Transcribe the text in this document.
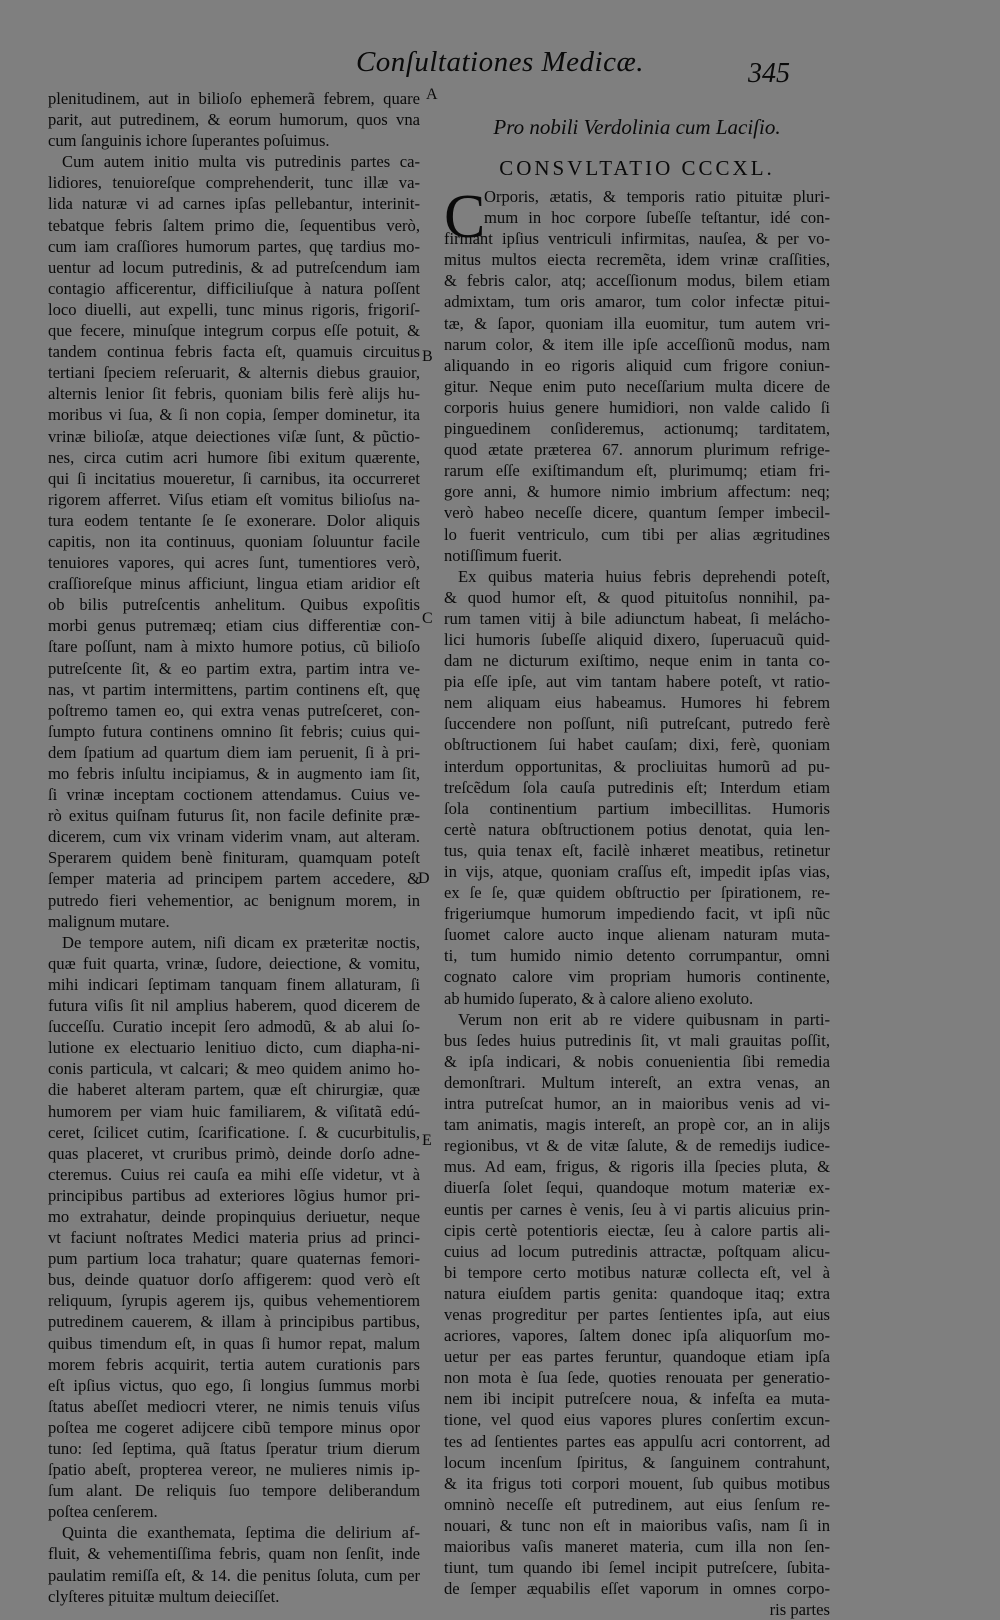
Conſultationes Medicæ.	345
A
B
C
D
E
plenitudinem, aut in bilioſo ephemerã febrem, quare
parit, aut putredinem, & eorum humorum, quos vna
cum ſanguinis ichore ſuperantes poſuimus.
Cum autem initio multa vis putredinis partes ca-
lidiores, tenuioreſque comprehenderit, tunc illæ va-
lida naturæ vi ad carnes ipſas pellebantur, interinit-
tebatque febris ſaltem primo die, ſequentibus verò,
cum iam craſſiores humorum partes, quę tardius mo-
uentur ad locum putredinis, & ad putreſcendum iam
contagio afficerentur, difficiliuſque à natura poſſent
loco diuelli, aut expelli, tunc minus rigoris, frigoriſ-
que fecere, minuſque integrum corpus eſſe potuit, &
tandem continua febris facta eſt, quamuis circuitus
tertiani ſpeciem reſeruarit, & alternis diebus grauior,
alternis lenior ſit febris, quoniam bilis ferè alijs hu-
moribus vi ſua, & ſi non copia, ſemper dominetur, ita
vrinæ bilioſæ, atque deiectiones viſæ ſunt, & pũctio-
nes, circa cutim acri humore ſibi exitum quærente,
qui ſi incitatius moueretur, ſi carnibus, ita occurreret
rigorem afferret. Viſus etiam eſt vomitus bilioſus na-
tura eodem tentante ſe ſe exonerare. Dolor aliquis
capitis, non ita continuus, quoniam ſoluuntur facile
tenuiores vapores, qui acres ſunt, tumentiores verò,
craſſioreſque minus afficiunt, lingua etiam aridior eſt
ob bilis putreſcentis anhelitum. Quibus expoſitis
morbi genus putremæq; etiam cius differentiæ con-
ſtare poſſunt, nam à mixto humore potius, cũ bilioſo
putreſcente ſit, & eo partim extra, partim intra ve-
nas, vt partim intermittens, partim continens eſt, quę
poſtremo tamen eo, qui extra venas putreſceret, con-
ſumpto futura continens omnino ſit febris; cuius qui-
dem ſpatium ad quartum diem iam peruenit, ſi à pri-
mo febris inſultu incipiamus, & in augmento iam ſit,
ſi vrinæ inceptam coctionem attendamus. Cuius ve-
rò exitus quiſnam futurus ſit, non facile definite præ-
dicerem, cum vix vrinam viderim vnam, aut alteram.
Sperarem quidem benè finituram, quamquam poteſt
ſemper materia ad principem partem accedere, &
putredo fieri vehementior, ac benignum morem, in
malignum mutare.
De tempore autem, niſi dicam ex præteritæ noctis,
quæ fuit quarta, vrinæ, ſudore, deiectione, & vomitu,
mihi indicari ſeptimam tanquam finem allaturam, ſi
futura viſis ſit nil amplius haberem, quod dicerem de
ſucceſſu. Curatio incepit ſero admodũ, & ab alui ſo-
lutione ex electuario lenitiuo dicto, cum diapha-ni-
conis particula, vt calcari; & meo quidem animo ho-
die haberet alteram partem, quæ eſt chirurgiæ, quæ
humorem per viam huic familiarem, & viſitatã edú-
ceret, ſcilicet cutim, ſcarificatione. ſ. & cucurbitulis,
quas placeret, vt cruribus primò, deinde dorſo adne-
cteremus. Cuius rei cauſa ea mihi eſſe videtur, vt à
principibus partibus ad exteriores lõgius humor pri-
mo extrahatur, deinde propinquius deriuetur, neque
vt faciunt noſtrates Medici materia prius ad princi-
pum partium loca trahatur; quare quaternas femori-
bus, deinde quatuor dorſo affigerem: quod verò eſt
reliquum, ſyrupis agerem ijs, quibus vehementiorem
putredinem cauerem, & illam à principibus partibus,
quibus timendum eſt, in quas ſi humor repat, malum
morem febris acquirit, tertia autem curationis pars
eſt ipſius victus, quo ego, ſi longius ſummus morbi
ſtatus abeſſet mediocri vterer, ne nimis tenuis viſus
poſtea me cogeret adijcere cibũ tempore minus opor
tuno: ſed ſeptima, quã ſtatus ſperatur trium dierum
ſpatio abeſt, propterea vereor, ne mulieres nimis ip-
ſum alant. De reliquis ſuo tempore deliberandum
poſtea cenſerem.
Quinta die exanthemata, ſeptima die delirium af-
fluit, & vehementiſſima febris, quam non ſenſit, inde
paulatim remiſſa eſt, & 14. die penitus ſoluta, cum per
clyſteres pituitæ multum deieciſſet.
Pro nobili Verdolinia cum Laciſio.
CONSVLTATIO CCCXL.
C
Orporis, ætatis, & temporis ratio pituitæ pluri-
mum in hoc corpore ſubeſſe teſtantur, idé con-
firmant ipſius ventriculi infirmitas, nauſea, & per vo-
mitus multos eiecta recremẽta, idem vrinæ craſſities,
& febris calor, atq; acceſſionum modus, bilem etiam
admixtam, tum oris amaror, tum color infectæ pitui-
tæ, & ſapor, quoniam illa euomitur, tum autem vri-
narum color, & item ille ipſe acceſſionũ modus, nam
aliquando in eo rigoris aliquid cum frigore coniun-
gitur. Neque enim puto neceſſarium multa dicere de
corporis huius genere humidiori, non valde calido ſi
pinguedinem conſideremus, actionumq; tarditatem,
quod ætate præterea 67. annorum plurimum refrige-
rarum eſſe exiſtimandum eſt, plurimumq; etiam fri-
gore anni, & humore nimio imbrium affectum: neq;
verò habeo neceſſe dicere, quantum ſemper imbecil-
lo fuerit ventriculo, cum tibi per alias ægritudines
notiſſimum fuerit.
Ex quibus materia huius febris deprehendi poteſt,
& quod humor eſt, & quod pituitoſus nonnihil, pa-
rum tamen vitij à bile adiunctum habeat, ſi melácho-
lici humoris ſubeſſe aliquid dixero, ſuperuacuũ quid-
dam ne dicturum exiſtimo, neque enim in tanta co-
pia eſſe ipſe, aut vim tantam habere poteſt, vt ratio-
nem aliquam eius habeamus. Humores hi febrem
ſuccendere non poſſunt, niſi putreſcant, putredo ferè
obſtructionem ſui habet cauſam; dixi, ferè, quoniam
interdum opportunitas, & procliuitas humorũ ad pu-
treſcẽdum ſola cauſa putredinis eſt; Interdum etiam
ſola continentium partium imbecillitas. Humoris
certè natura obſtructionem potius denotat, quia len-
tus, quia tenax eſt, facilè inhæret meatibus, retinetur
in vijs, atque, quoniam craſſus eſt, impedit ipſas vias,
ex ſe ſe, quæ quidem obſtructio per ſpirationem, re-
frigeriumque humorum impediendo facit, vt ipſi nũc
ſuomet calore aucto inque alienam naturam muta-
ti, tum humido nimio detento corrumpantur, omni
cognato calore vim propriam humoris continente,
ab humido ſuperato, & à calore alieno exoluto.
Verum non erit ab re videre quibusnam in parti-
bus ſedes huius putredinis ſit, vt mali grauitas poſſit,
& ipſa indicari, & nobis conuenientia ſibi remedia
demonſtrari. Multum intereſt, an extra venas, an
intra putreſcat humor, an in maioribus venis ad vi-
tam animatis, magis intereſt, an propè cor, an in alijs
regionibus, vt & de vitæ ſalute, & de remedijs iudice-
mus. Ad eam, frigus, & rigoris illa ſpecies pluta, &
diuerſa ſolet ſequi, quandoque motum materiæ ex-
euntis per carnes è venis, ſeu à vi partis alicuius prin-
cipis certè potentioris eiectæ, ſeu à calore partis ali-
cuius ad locum putredinis attractæ, poſtquam alicu-
bi tempore certo motibus naturæ collecta eſt, vel à
natura eiuſdem partis genita: quandoque itaq; extra
venas progreditur per partes ſentientes ipſa, aut eius
acriores, vapores, ſaltem donec ipſa aliquorſum mo-
uetur per eas partes feruntur, quandoque etiam ipſa
non mota è ſua ſede, quoties renouata per generatio-
nem ibi incipit putreſcere noua, & infeſta ea muta-
tione, vel quod eius vapores plures conſertim excun-
tes ad ſentientes partes eas appulſu acri contorrent, ad
locum incenſum ſpiritus, & ſanguinem contrahunt,
& ita frigus toti corpori mouent, ſub quibus motibus
omninò neceſſe eſt putredinem, aut eius ſenſum re-
nouari, & tunc non eſt in maioribus vaſis, nam ſi in
maioribus vaſis maneret materia, cum illa non ſen-
tiunt, tum quando ibi ſemel incipit putreſcere, ſubita-
de ſemper æquabilis eſſet vaporum in omnes corpo-
ris partes
